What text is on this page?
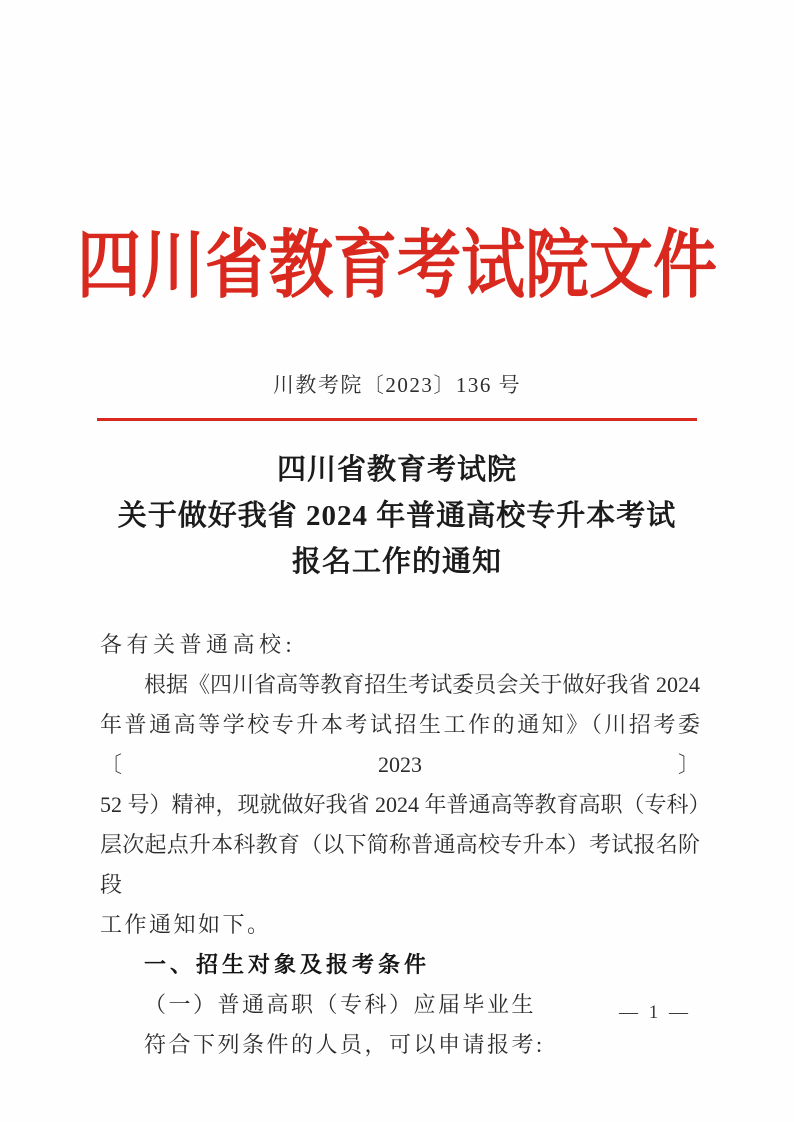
四川省教育考试院文件
川教考院〔2023〕136 号
四川省教育考试院
关于做好我省 2024 年普通高校专升本考试
报名工作的通知
各有关普通高校:
根据《四川省高等教育招生考试委员会关于做好我省 2024
年普通高等学校专升本考试招生工作的通知》（川招考委〔2023〕
52 号）精神，现就做好我省 2024 年普通高等教育高职（专科）
层次起点升本科教育（以下简称普通高校专升本）考试报名阶段
工作通知如下。
一、招生对象及报考条件
（一）普通高职（专科）应届毕业生
符合下列条件的人员，可以申请报考:
— 1 —
